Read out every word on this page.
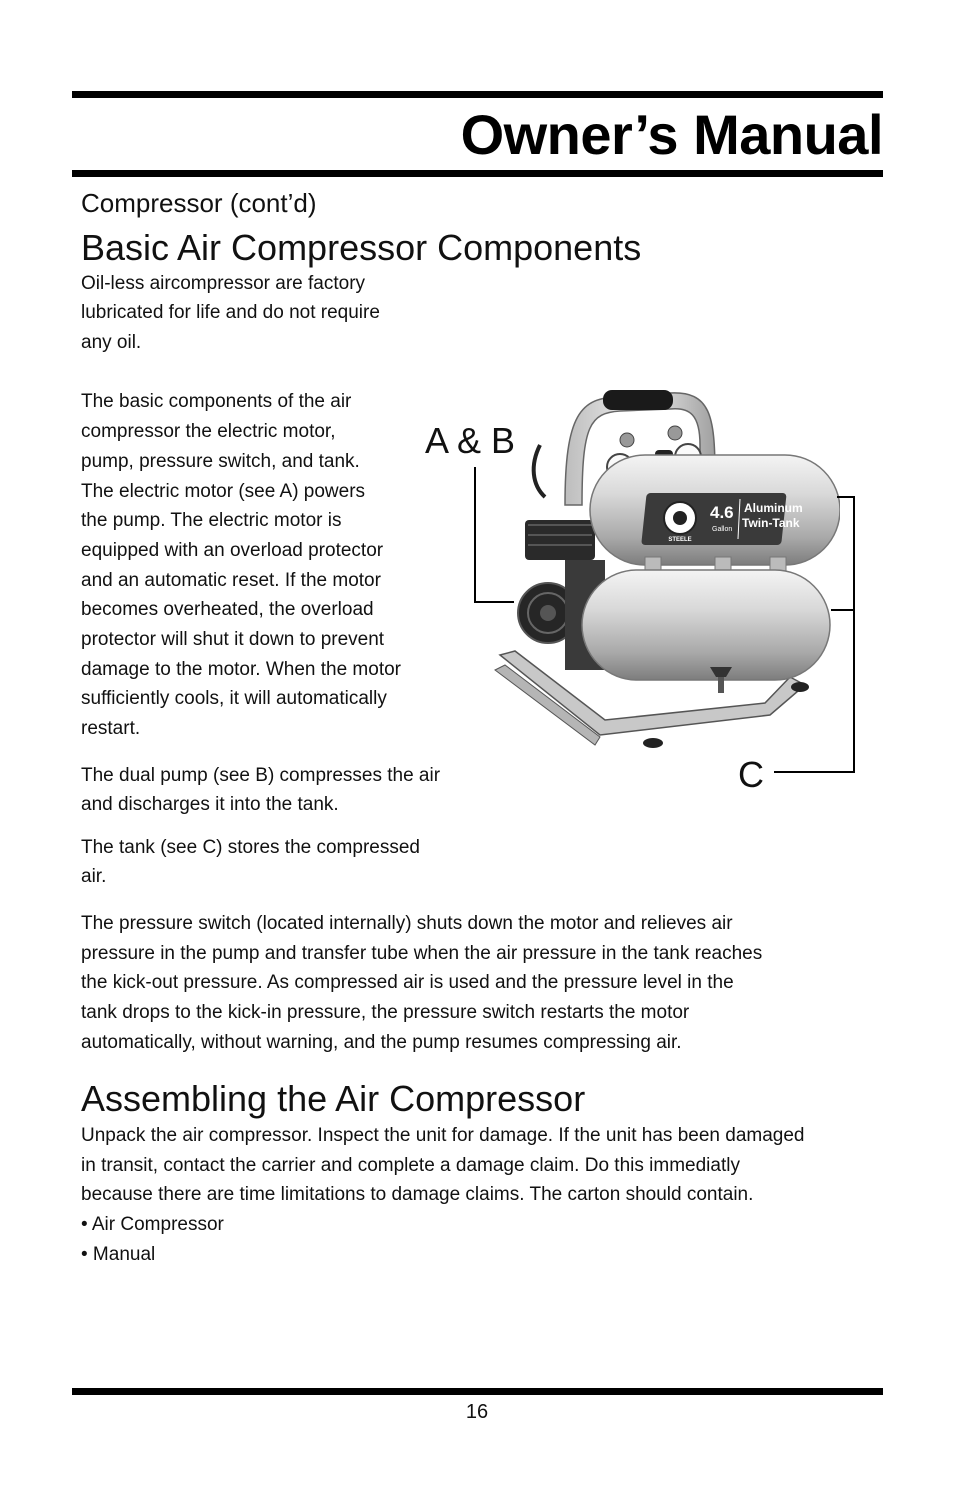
Owner’s Manual
Compressor (cont’d)
Basic Air Compressor Components

Oil-less aircompressor are factory

lubricated for life and do not require

any oil.

The basic components of the air

compressor the electric motor,

pump, pressure switch, and tank.

The electric motor (see A) powers

the pump. The electric motor is

equipped with an overload protector

and an automatic reset. If the motor

becomes overheated, the overload

protector will shut it down to prevent

damage to the motor. When the motor

sufficiently cools, it will automatically

restart.

The dual pump (see B) compresses the air

and discharges it into the tank.

The tank (see C) stores the compressed

air.

The pressure switch (located internally) shuts down the motor and relieves air

pressure in the pump and transfer tube when the air pressure in the tank reaches

the kick-out pressure. As compressed air is used and the pressure level in the

tank drops to the kick-in pressure, the pressure switch restarts the motor

automatically, without warning, and the pump resumes compressing air.

A & B
STEELE
4.6
Gallon
Aluminum
Twin-Tank
C
Assembling the Air Compressor

Unpack the air compressor. Inspect the unit for damage. If the unit has been damaged

in transit, contact the carrier and complete a damage claim. Do this immediatly

because there are time limitations to damage claims. The carton should contain.

• Air Compressor

• Manual

16
